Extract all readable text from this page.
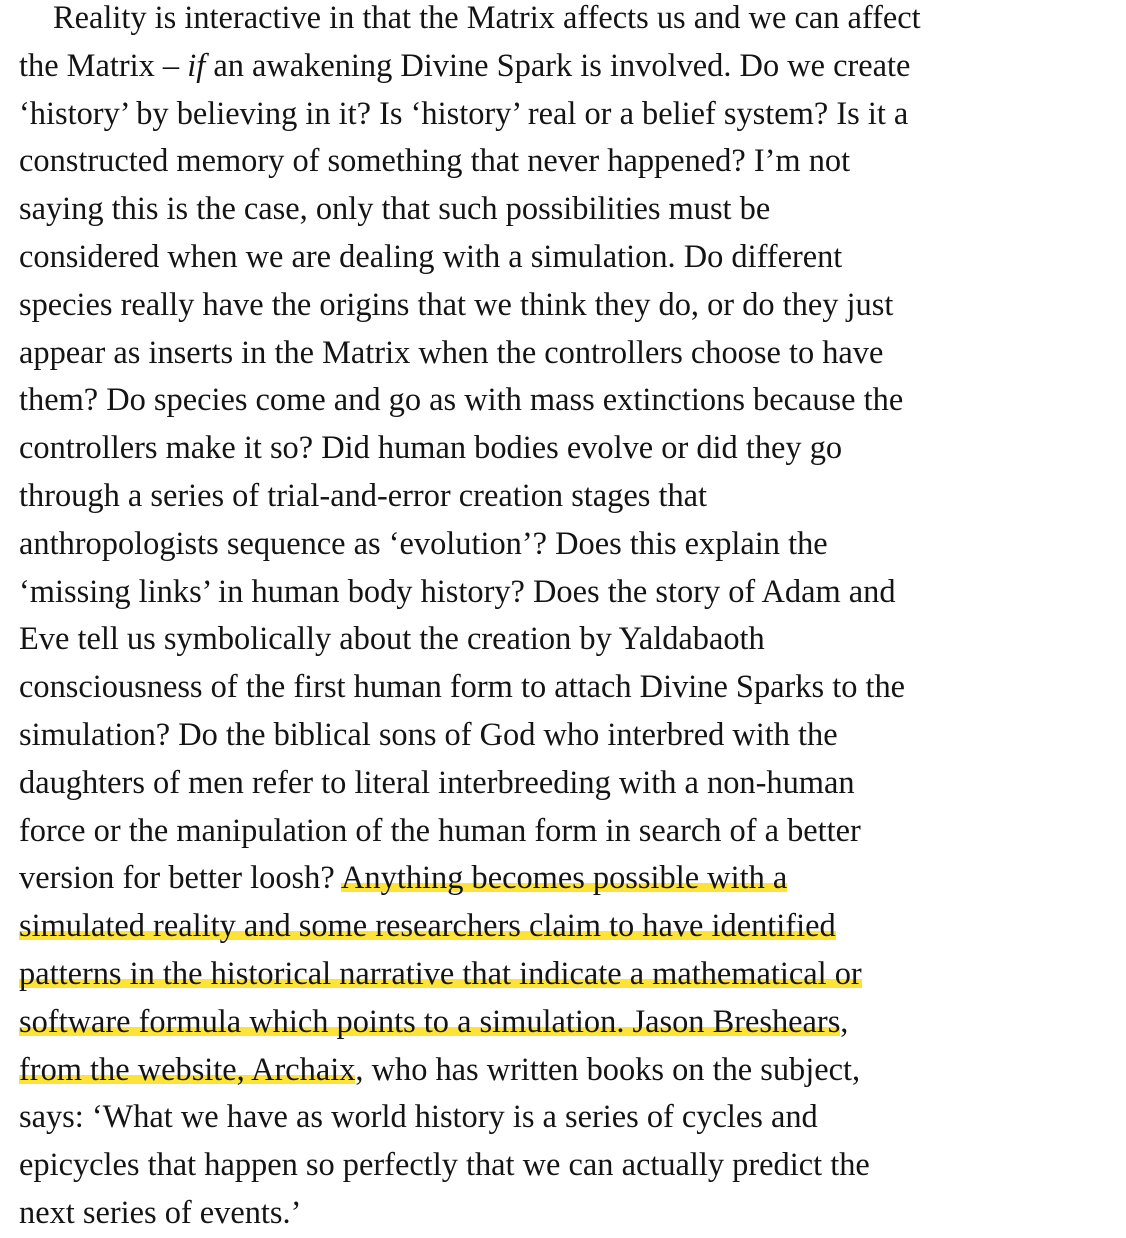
Reality is interactive in that the Matrix affects us and we can affect
the Matrix – if an awakening Divine Spark is involved. Do we create
‘history’ by believing in it? Is ‘history’ real or a belief system? Is it a
constructed memory of something that never happened? I’m not
saying this is the case, only that such possibilities must be
considered when we are dealing with a simulation. Do different
species really have the origins that we think they do, or do they just
appear as inserts in the Matrix when the controllers choose to have
them? Do species come and go as with mass extinctions because the
controllers make it so? Did human bodies evolve or did they go
through a series of trial-and-error creation stages that
anthropologists sequence as ‘evolution’? Does this explain the
‘missing links’ in human body history? Does the story of Adam and
Eve tell us symbolically about the creation by Yaldabaoth
consciousness of the first human form to attach Divine Sparks to the
simulation? Do the biblical sons of God who interbred with the
daughters of men refer to literal interbreeding with a non-human
force or the manipulation of the human form in search of a better
version for better loosh? Anything becomes possible with a
simulated reality and some researchers claim to have identified
patterns in the historical narrative that indicate a mathematical or
software formula which points to a simulation. Jason Breshears,
from the website, Archaix, who has written books on the subject,
says: ‘What we have as world history is a series of cycles and
epicycles that happen so perfectly that we can actually predict the
next series of events.’
